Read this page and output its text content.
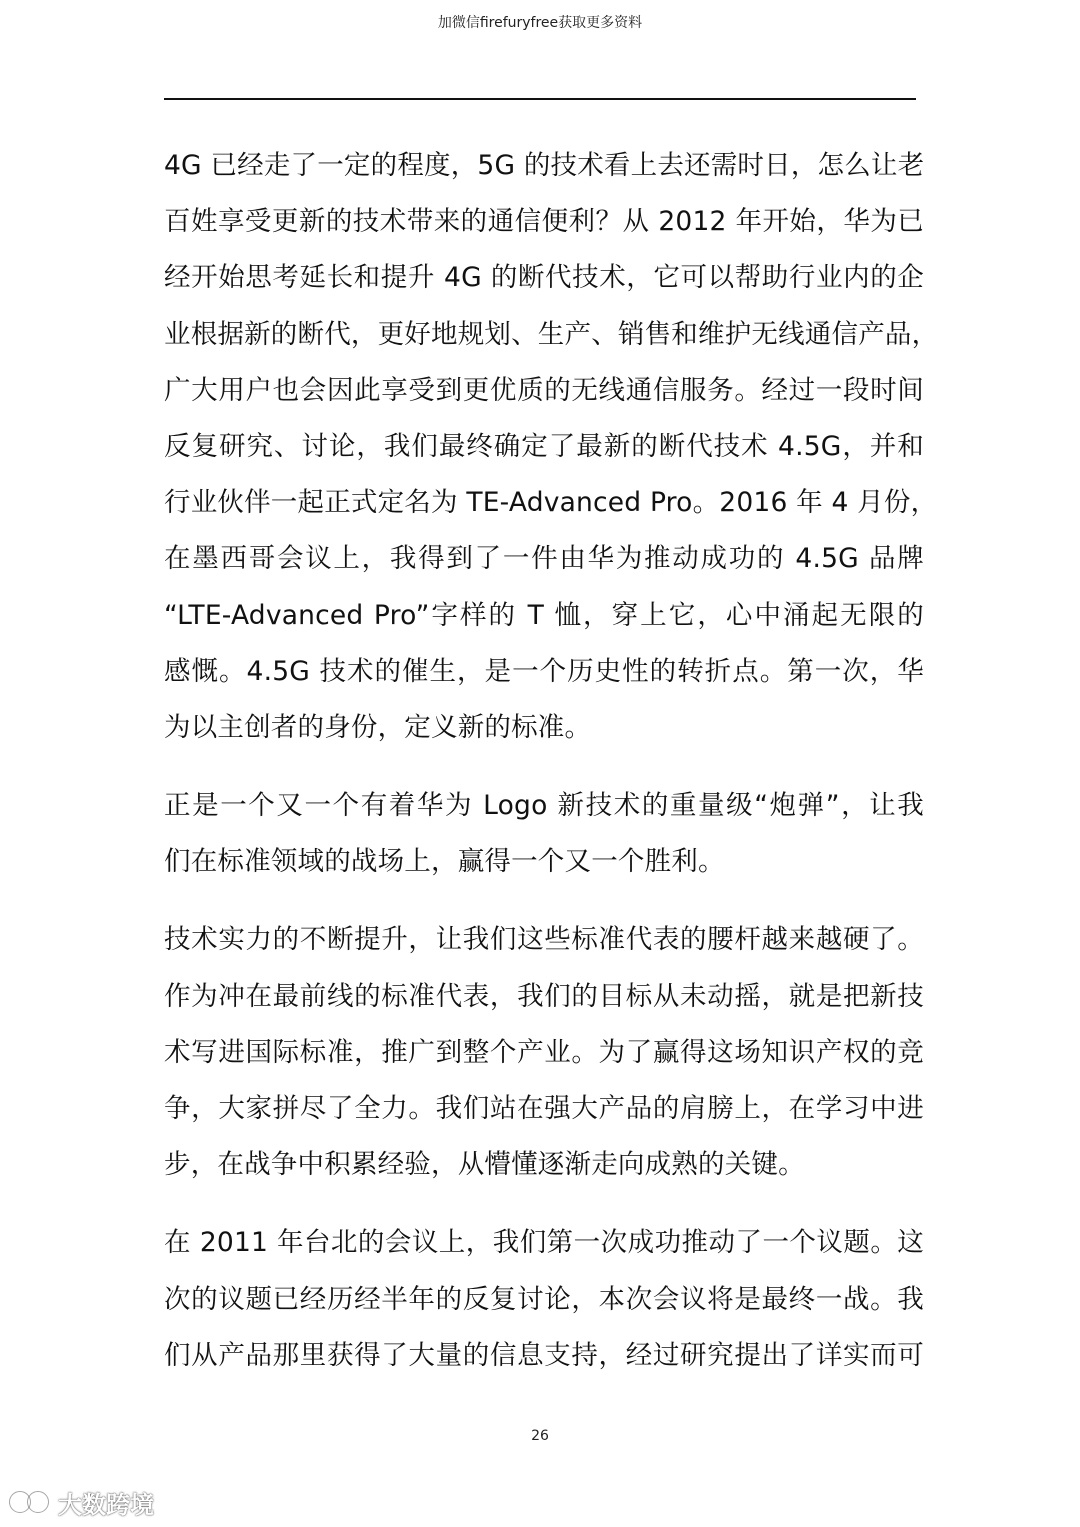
加微信firefuryfree获取更多资料
4G 已经走了一定的程度，5G 的技术看上去还需时日，怎么让老
百姓享受更新的技术带来的通信便利？从 2012 年开始，华为已
经开始思考延长和提升 4G 的断代技术，它可以帮助行业内的企
业根据新的断代，更好地规划、生产、销售和维护无线通信产品，
广大用户也会因此享受到更优质的无线通信服务。经过一段时间
反复研究、讨论，我们最终确定了最新的断代技术 4.5G，并和
行业伙伴一起正式定名为 TE-Advanced Pro。2016 年 4 月份，
在墨西哥会议上，我得到了一件由华为推动成功的 4.5G 品牌
“LTE-Advanced Pro”字样的 T 恤，穿上它，心中涌起无限的
感慨。4.5G 技术的催生，是一个历史性的转折点。第一次，华
为以主创者的身份，定义新的标准。
正是一个又一个有着华为 Logo 新技术的重量级“炮弹”，让我
们在标准领域的战场上，赢得一个又一个胜利。
技术实力的不断提升，让我们这些标准代表的腰杆越来越硬了。
作为冲在最前线的标准代表，我们的目标从未动摇，就是把新技
术写进国际标准，推广到整个产业。为了赢得这场知识产权的竞
争，大家拼尽了全力。我们站在强大产品的肩膀上，在学习中进
步，在战争中积累经验，从懵懂逐渐走向成熟的关键。
在 2011 年台北的会议上，我们第一次成功推动了一个议题。这
次的议题已经历经半年的反复讨论，本次会议将是最终一战。我
们从产品那里获得了大量的信息支持，经过研究提出了详实而可
26
大数跨境
